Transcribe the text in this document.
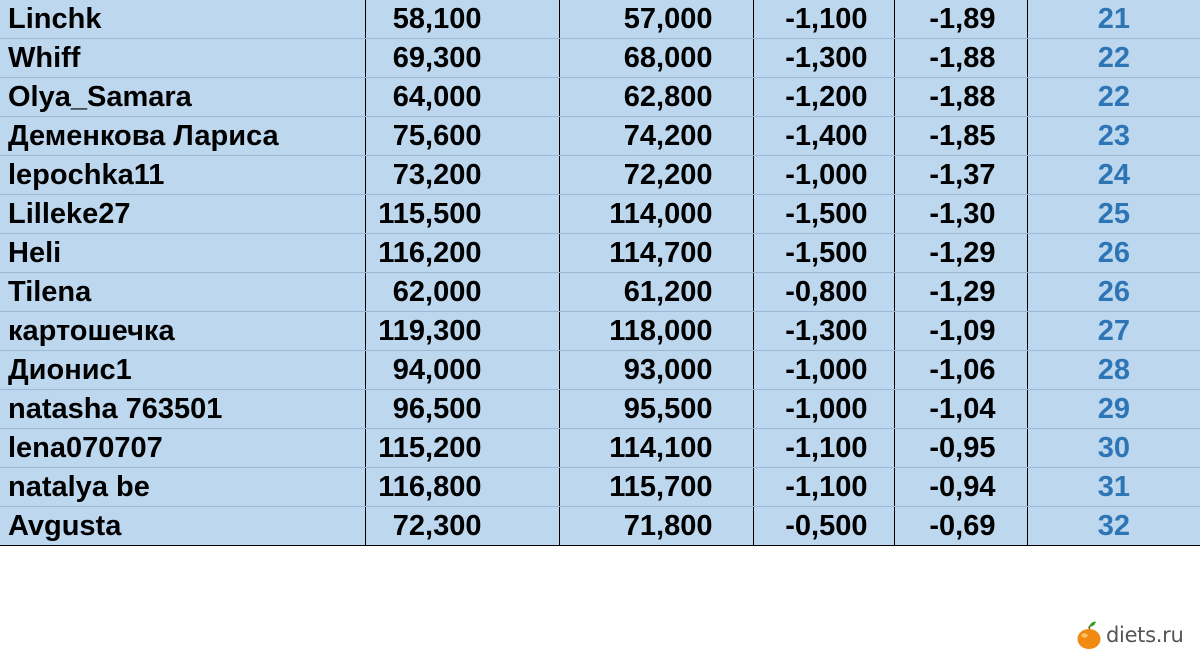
Linchk	58,100	57,000	-1,100	-1,89	21
Whiff	69,300	68,000	-1,300	-1,88	22
Olya_Samara	64,000	62,800	-1,200	-1,88	22
Деменкова Лариса	75,600	74,200	-1,400	-1,85	23
lepochka11	73,200	72,200	-1,000	-1,37	24
Lilleke27	115,500	114,000	-1,500	-1,30	25
Heli	116,200	114,700	-1,500	-1,29	26
Tilena	62,000	61,200	-0,800	-1,29	26
картошечка	119,300	118,000	-1,300	-1,09	27
Дионис1	94,000	93,000	-1,000	-1,06	28
natasha 763501	96,500	95,500	-1,000	-1,04	29
lena070707	115,200	114,100	-1,100	-0,95	30
natalya be	116,800	115,700	-1,100	-0,94	31
Avgusta	72,300	71,800	-0,500	-0,69	32
diets.ru
